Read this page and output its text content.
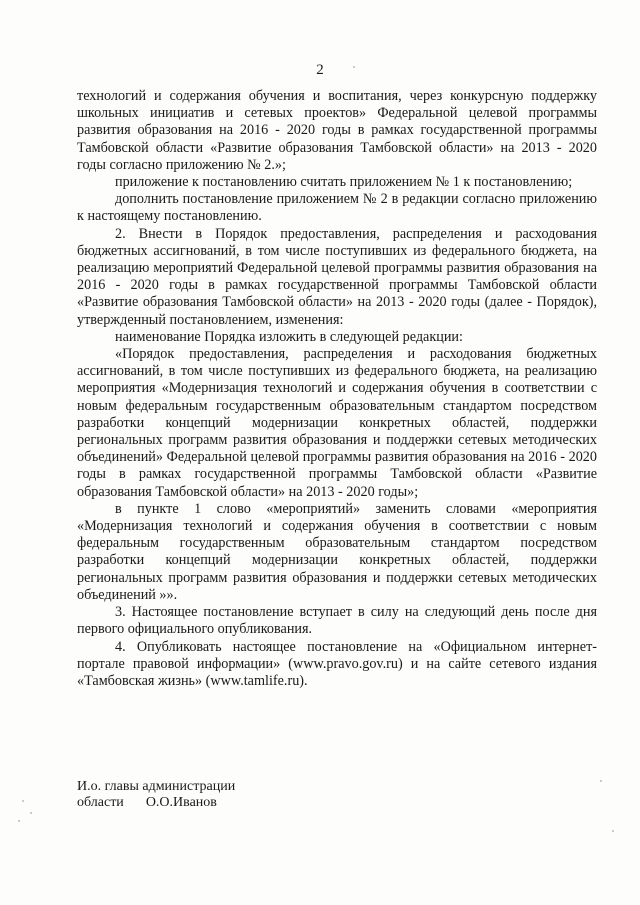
2

технологий и содержания обучения и воспитания, через конкурсную поддержку школьных инициатив и сетевых проектов» Федеральной целевой программы развития образования на 2016 - 2020 годы в рамках государственной программы Тамбовской области «Развитие образования Тамбовской области» на 2013 - 2020 годы согласно приложению № 2.»;

приложение к постановлению считать приложением № 1 к постановлению;

дополнить постановление приложением № 2 в редакции согласно приложению к настоящему постановлению.

2. Внести в Порядок предоставления, распределения и расходования бюджетных ассигнований, в том числе поступивших из федерального бюджета, на реализацию мероприятий Федеральной целевой программы развития образования на 2016 - 2020 годы в рамках государственной программы Тамбовской области «Развитие образования Тамбовской области» на 2013 - 2020 годы (далее - Порядок), утвержденный постановлением, изменения:

наименование Порядка изложить в следующей редакции:

«Порядок предоставления, распределения и расходования бюджетных ассигнований, в том числе поступивших из федерального бюджета, на реализацию мероприятия «Модернизация технологий и содержания обучения в соответствии с новым федеральным государственным образовательным стандартом посредством разработки концепций модернизации конкретных областей, поддержки региональных программ развития образования и поддержки сетевых методических объединений» Федеральной целевой программы развития образования на 2016 - 2020 годы в рамках государственной программы Тамбовской области «Развитие образования Тамбовской области» на 2013 - 2020 годы»;

в пункте 1 слово «мероприятий» заменить словами «мероприятия «Модернизация технологий и содержания обучения в соответствии с новым федеральным государственным образовательным стандартом посредством разработки концепций модернизации конкретных областей, поддержки региональных программ развития образования и поддержки сетевых методических объединений »».

3. Настоящее постановление вступает в силу на следующий день после дня первого официального опубликования.

4. Опубликовать настоящее постановление на «Официальном интернет-портале правовой информации» (www.pravo.gov.ru) и на сайте сетевого издания «Тамбовская жизнь» (www.tamlife.ru).

И.о. главы администрации
области О.О.Иванов
